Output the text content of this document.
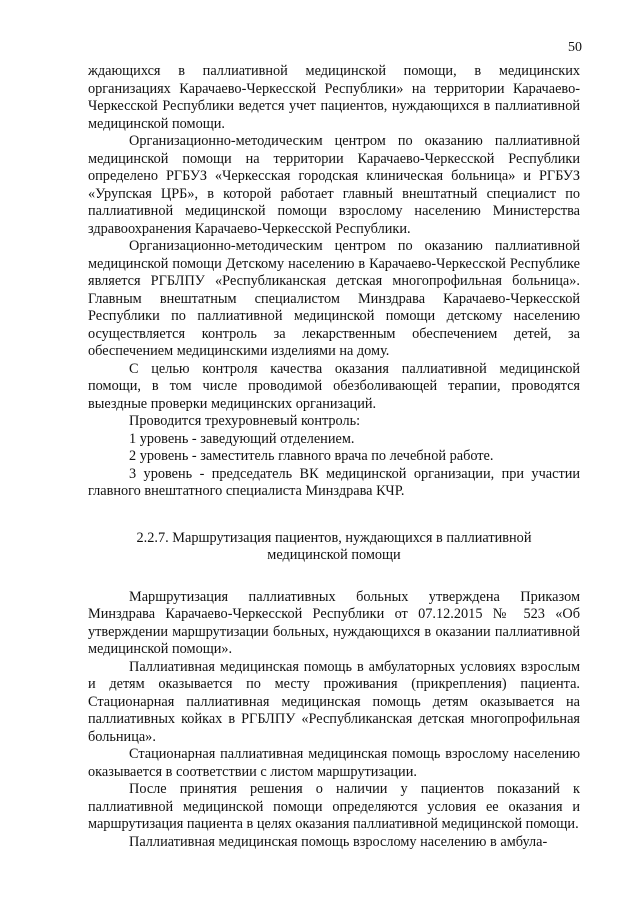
50

ждающихся в паллиативной медицинской помощи, в медицинских организациях Карачаево-Черкесской Республики» на территории Карачаево-Черкесской Республики ведется учет пациентов, нуждающихся в паллиативной медицинской помощи.

Организационно-методическим центром по оказанию паллиативной медицинской помощи на территории Карачаево-Черкесской Республики определено РГБУЗ «Черкесская городская клиническая больница» и РГБУЗ «Урупская ЦРБ», в которой работает главный внештатный специалист по паллиативной медицинской помощи взрослому населению Министерства здравоохранения Карачаево-Черкесской Республики.

Организационно-методическим центром по оказанию паллиативной медицинской помощи Детскому населению в Карачаево-Черкесской Республике является РГБЛПУ «Республиканская детская многопрофильная больница». Главным внештатным специалистом Минздрава Карачаево-Черкесской Республики по паллиативной медицинской помощи детскому населению осуществляется контроль за лекарственным обеспечением детей, за обеспечением медицинскими изделиями на дому.

С целью контроля качества оказания паллиативной медицинской помощи, в том числе проводимой обезболивающей терапии, проводятся выездные проверки медицинских организаций.

Проводится трехуровневый контроль:

1 уровень - заведующий отделением.

2 уровень - заместитель главного врача по лечебной работе.

3 уровень - председатель ВК медицинской организации, при участии главного внештатного специалиста Минздрава КЧР.

2.2.7. Маршрутизация пациентов, нуждающихся в паллиативной
медицинской помощи

Маршрутизация паллиативных больных утверждена Приказом Минздрава Карачаево-Черкесской Республики от 07.12.2015 № 523 «Об утверждении маршрутизации больных, нуждающихся в оказании паллиативной медицинской помощи».

Паллиативная медицинская помощь в амбулаторных условиях взрослым и детям оказывается по месту проживания (прикрепления) пациента. Стационарная паллиативная медицинская помощь детям оказывается на паллиативных койках в РГБЛПУ «Республиканская детская многопрофильная больница».

Стационарная паллиативная медицинская помощь взрослому населению оказывается в соответствии с листом маршрутизации.

После принятия решения о наличии у пациентов показаний к паллиативной медицинской помощи определяются условия ее оказания и маршрутизация пациента в целях оказания паллиативной медицинской помощи.

Паллиативная медицинская помощь взрослому населению в амбула-
